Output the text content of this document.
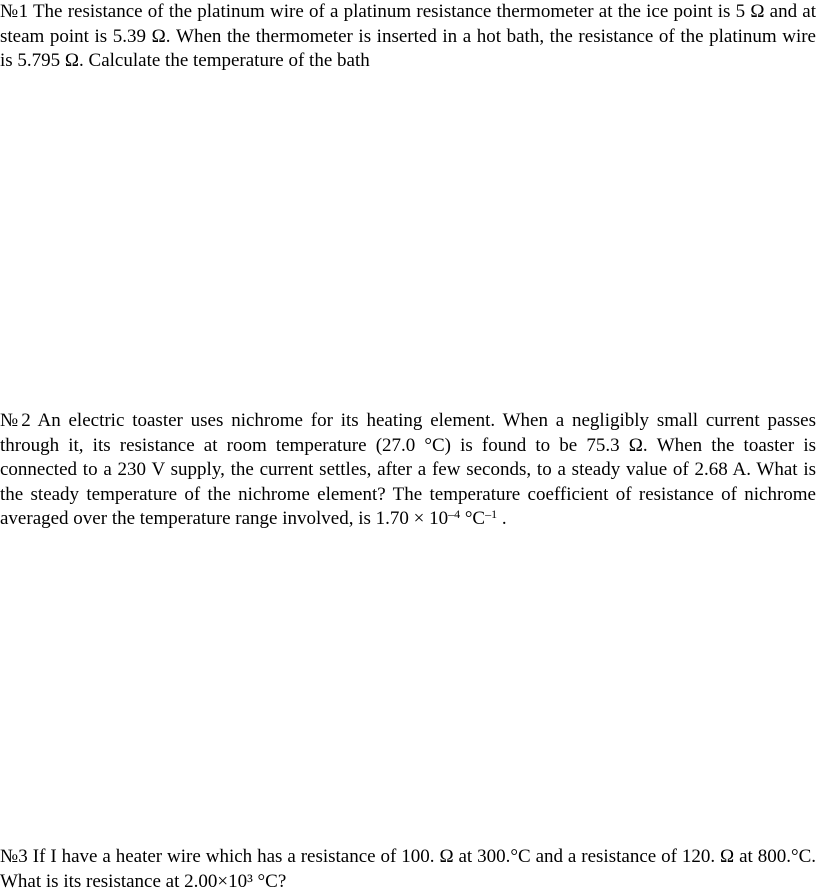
№1 The resistance of the platinum wire of a platinum resistance thermometer at the ice point is 5 Ω and at steam point is 5.39 Ω. When the thermometer is inserted in a hot bath, the resistance of the platinum wire is 5.795 Ω. Calculate the temperature of the bath

№2 An electric toaster uses nichrome for its heating element. When a negligibly small current passes through it, its resistance at room temperature (27.0 °C) is found to be 75.3 Ω. When the toaster is connected to a 230 V supply, the current settles, after a few seconds, to a steady value of 2.68 A. What is the steady temperature of the nichrome element? The temperature coefficient of resistance of nichrome averaged over the temperature range involved, is $1.70 \times 10^{-4}$ $^\circ C^{-1}$ .

№3 If I have a heater wire which has a resistance of 100. Ω at 300.°C and a resistance of 120. Ω at 800.°C. What is its resistance at 2.00×10³ °C?
